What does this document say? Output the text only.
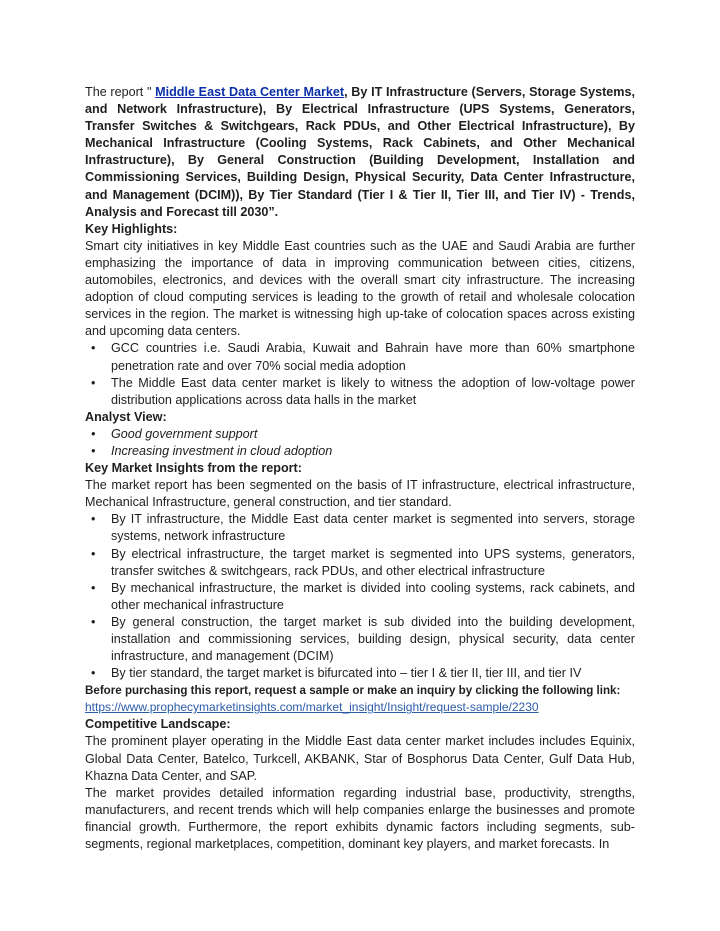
The report " Middle East Data Center Market, By IT Infrastructure (Servers, Storage Systems, and Network Infrastructure), By Electrical Infrastructure (UPS Systems, Generators, Transfer Switches & Switchgears, Rack PDUs, and Other Electrical Infrastructure), By Mechanical Infrastructure (Cooling Systems, Rack Cabinets, and Other Mechanical Infrastructure), By General Construction (Building Development, Installation and Commissioning Services, Building Design, Physical Security, Data Center Infrastructure, and Management (DCIM)), By Tier Standard (Tier I & Tier II, Tier III, and Tier IV) - Trends, Analysis and Forecast till 2030”.

Key Highlights:

Smart city initiatives in key Middle East countries such as the UAE and Saudi Arabia are further emphasizing the importance of data in improving communication between cities, citizens, automobiles, electronics, and devices with the overall smart city infrastructure. The increasing adoption of cloud computing services is leading to the growth of retail and wholesale colocation services in the region. The market is witnessing high up-take of colocation spaces across existing and upcoming data centers.

• GCC countries i.e. Saudi Arabia, Kuwait and Bahrain have more than 60% smartphone penetration rate and over 70% social media adoption
• The Middle East data center market is likely to witness the adoption of low-voltage power distribution applications across data halls in the market
Analyst View:
• Good government support
• Increasing investment in cloud adoption
Key Market Insights from the report:

The market report has been segmented on the basis of IT infrastructure, electrical infrastructure, Mechanical Infrastructure, general construction, and tier standard.

• By IT infrastructure, the Middle East data center market is segmented into servers, storage systems, network infrastructure
• By electrical infrastructure, the target market is segmented into UPS systems, generators, transfer switches & switchgears, rack PDUs, and other electrical infrastructure
• By mechanical infrastructure, the market is divided into cooling systems, rack cabinets, and other mechanical infrastructure
• By general construction, the target market is sub divided into the building development, installation and commissioning services, building design, physical security, data center infrastructure, and management (DCIM)
• By tier standard, the target market is bifurcated into – tier I & tier II, tier III, and tier IV

Before purchasing this report, request a sample or make an inquiry by clicking the following link:

https://www.prophecymarketinsights.com/market_insight/Insight/request-sample/2230

Competitive Landscape:

The prominent player operating in the Middle East data center market includes includes Equinix, Global Data Center, Batelco, Turkcell, AKBANK, Star of Bosphorus Data Center, Gulf Data Hub, Khazna Data Center, and SAP.

The market provides detailed information regarding industrial base, productivity, strengths, manufacturers, and recent trends which will help companies enlarge the businesses and promote financial growth. Furthermore, the report exhibits dynamic factors including segments, sub-segments, regional marketplaces, competition, dominant key players, and market forecasts. In
